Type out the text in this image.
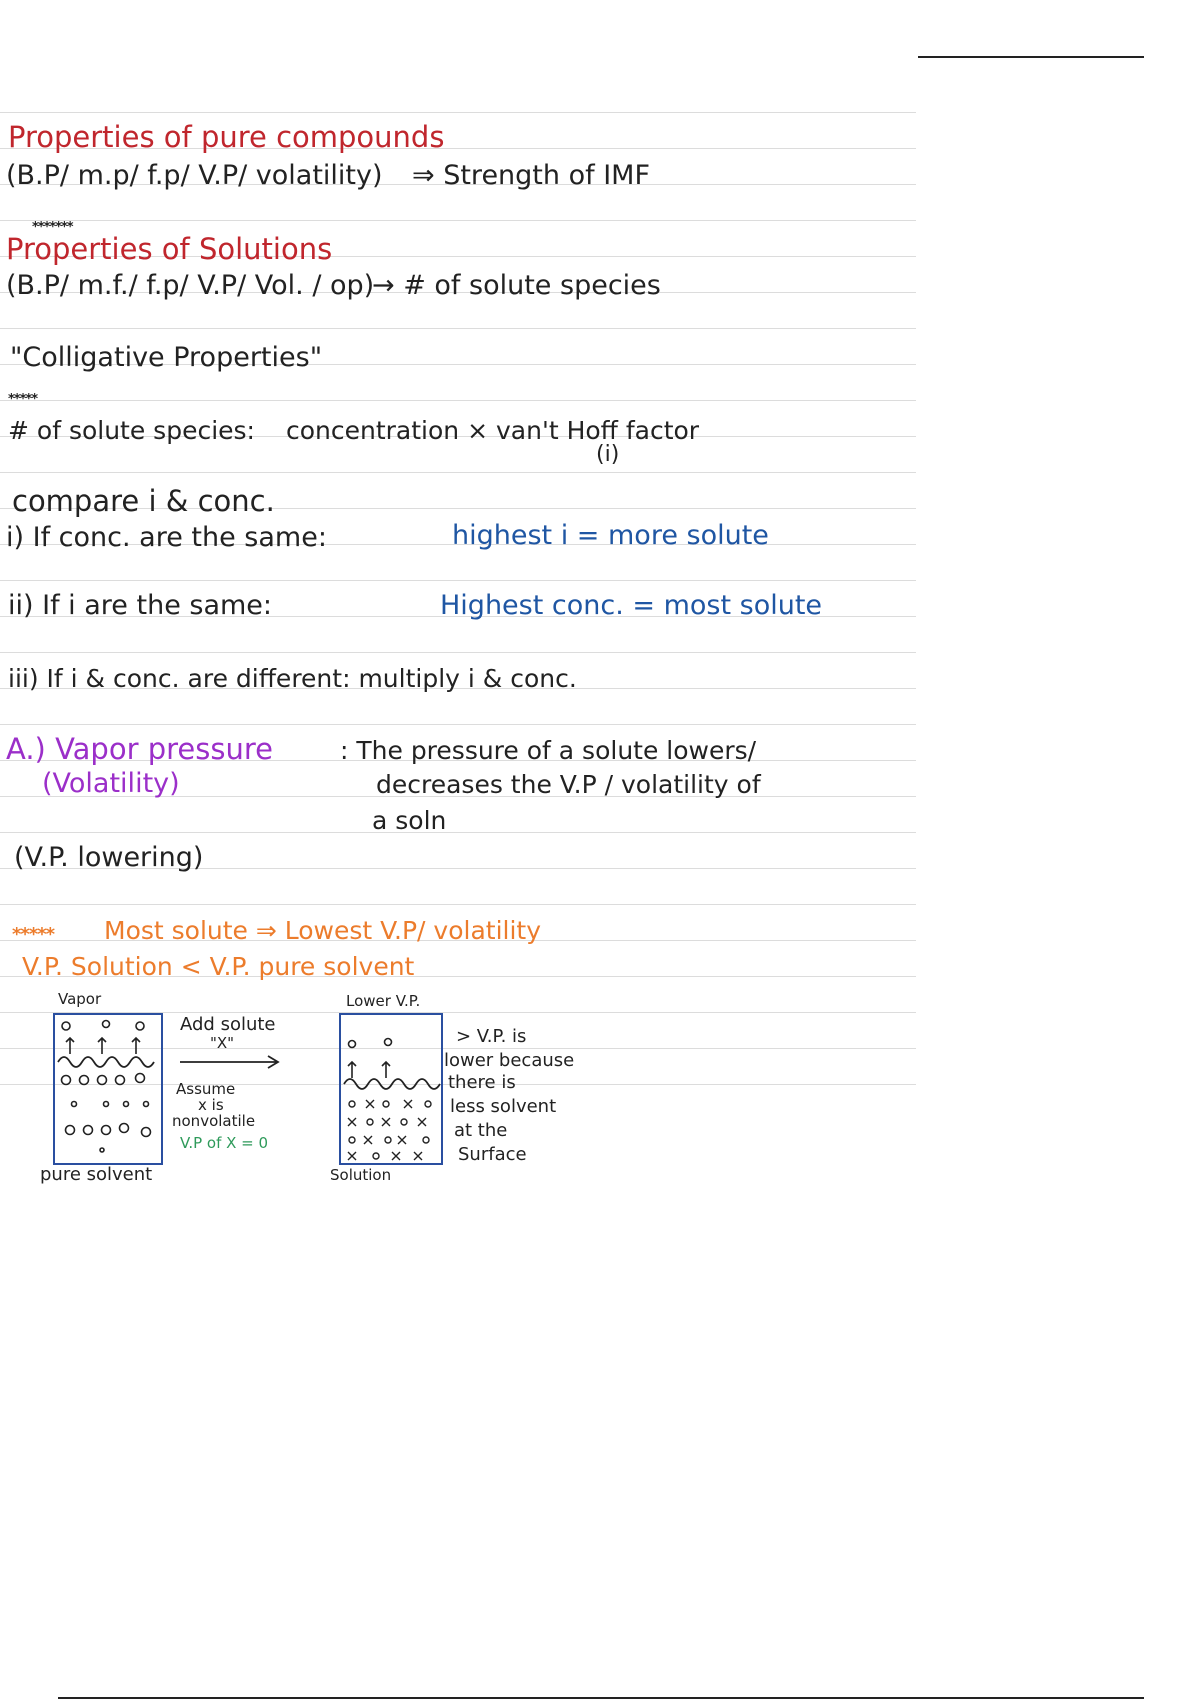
Properties of pure compounds
(B.P/ m.p/ f.p/ V.P/ volatility) ⇒ Strength of IMF
*******
Properties of Solutions
(B.P/ m.f./ f.p/ V.P/ Vol. / op)
→ # of solute species
"Colligative Properties"
*****
# of solute species: concentration × van't Hoff factor
(i)
compare i & conc.
i) If conc. are the same:	highest i = more solute
ii) If i are the same:	Highest conc. = most solute
iii) If i & conc. are different: multiply i & conc.
A.) Vapor pressure
(Volatility)
: The pressure of a solute lowers/
decreases the V.P / volatility of
a soln
(V.P. lowering)
***** Most solute ⇒ Lowest V.P/ volatility
V.P. Solution < V.P. pure solvent
Vapor
Add solute
"X"
Assume
x is
nonvolatile
V.P of X = 0
Lower V.P.
pure solvent	Solution
> V.P. is
lower because
there is
less solvent
at the
Surface
